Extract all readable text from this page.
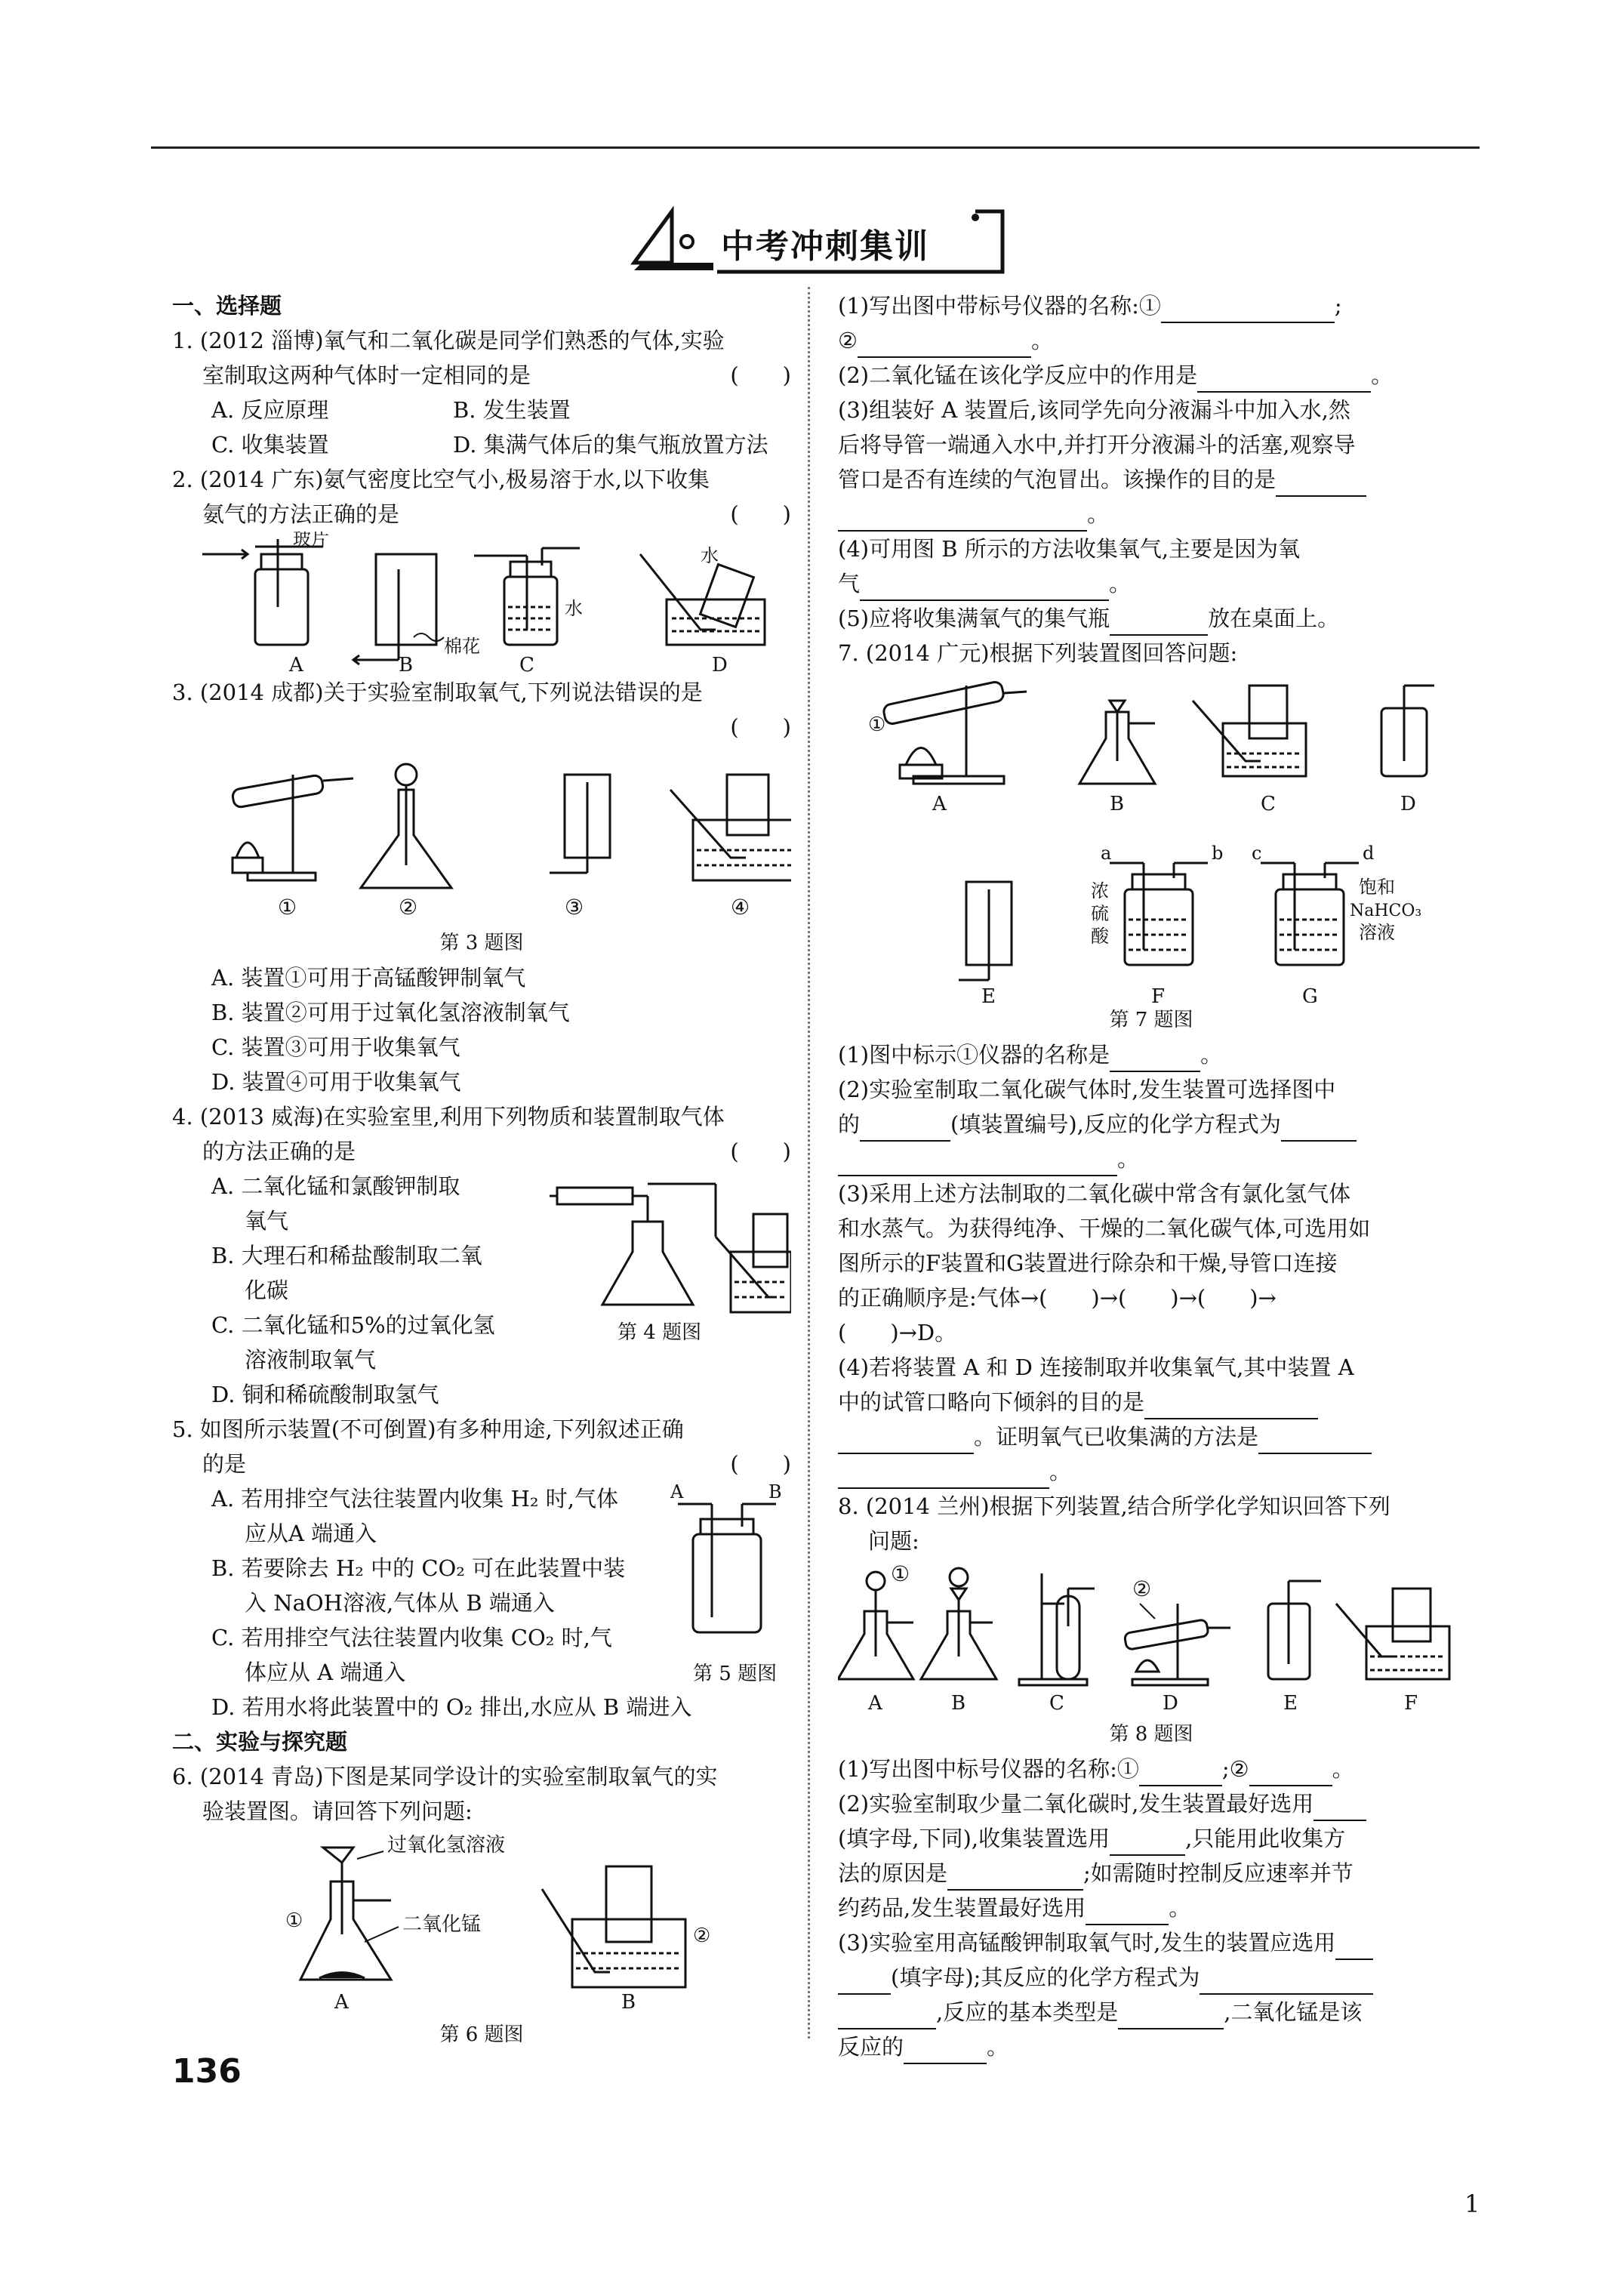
中考冲刺集训
一、选择题
1. (2012 淄博)氧气和二氧化碳是同学们熟悉的气体,实验
室制取这两种气体时一定相同的是	(　　)
A. 反应原理	B. 发生装置
C. 收集装置	D. 集满气体后的集气瓶放置方法
2. (2014 广东)氨气密度比空气小,极易溶于水,以下收集
氨气的方法正确的是	(　　)
A	B	C	D
玻片
棉花
水
水
3. (2014 成都)关于实验室制取氧气,下列说法错误的是
(　　)
①	②	③	④
第 3 题图
A. 装置①可用于高锰酸钾制氧气
B. 装置②可用于过氧化氢溶液制氧气
C. 装置③可用于收集氧气
D. 装置④可用于收集氧气
4. (2013 威海)在实验室里,利用下列物质和装置制取气体
的方法正确的是	(　　)
A. 二氧化锰和氯酸钾制取
氧气
B. 大理石和稀盐酸制取二氧
化碳
C. 二氧化锰和5%的过氧化氢
溶液制取氧气
D. 铜和稀硫酸制取氢气
第 4 题图
5. 如图所示装置(不可倒置)有多种用途,下列叙述正确
的是	(　　)
A. 若用排空气法往装置内收集 H₂ 时,气体
应从A 端通入
B. 若要除去 H₂ 中的 CO₂ 可在此装置中装
入 NaOH溶液,气体从 B 端通入
C. 若用排空气法往装置内收集 CO₂ 时,气
体应从 A 端通入
D. 若用水将此装置中的 O₂ 排出,水应从 B 端进入
A	B
第 5 题图
二、实验与探究题
6. (2014 青岛)下图是某同学设计的实验室制取氧气的实
验装置图。请回答下列问题:
过氧化氢溶液
①	二氧化锰	②
A	B
第 6 题图
(1)写出图中带标号仪器的名称:①	;
②	。
(2)二氧化锰在该化学反应中的作用是	。
(3)组装好 A 装置后,该同学先向分液漏斗中加入水,然
后将导管一端通入水中,并打开分液漏斗的活塞,观察导
管口是否有连续的气泡冒出。该操作的目的是
。
(4)可用图 B 所示的方法收集氧气,主要是因为氧
气	。
(5)应将收集满氧气的集气瓶	放在桌面上。
7. (2014 广元)根据下列装置图回答问题:
①
A	B	C	D
E	F	G
a	b c	d
浓
硫
酸
饱和
NaHCO₃
溶液
第 7 题图
(1)图中标示①仪器的名称是	。
(2)实验室制取二氧化碳气体时,发生装置可选择图中
的	(填装置编号),反应的化学方程式为
。
(3)采用上述方法制取的二氧化碳中常含有氯化氢气体
和水蒸气。为获得纯净、干燥的二氧化碳气体,可选用如
图所示的F装置和G装置进行除杂和干燥,导管口连接
的正确顺序是:气体→(　　)→(　　)→(　　)→
(　　)→D。
(4)若将装置 A 和 D 连接制取并收集氧气,其中装置 A
中的试管口略向下倾斜的目的是
。证明氧气已收集满的方法是
。
8. (2014 兰州)根据下列装置,结合所学化学知识回答下列
问题:
①
②
A	B	C	D	E	F
第 8 题图
(1)写出图中标号仪器的名称:①	;②	。
(2)实验室制取少量二氧化碳时,发生装置最好选用
(填字母,下同),收集装置选用	,只能用此收集方
法的原因是	;如需随时控制反应速率并节
约药品,发生装置最好选用	。
(3)实验室用高锰酸钾制取氧气时,发生的装置应选用
(填字母);其反应的化学方程式为
,反应的基本类型是	,二氧化锰是该
反应的	。
136
1
